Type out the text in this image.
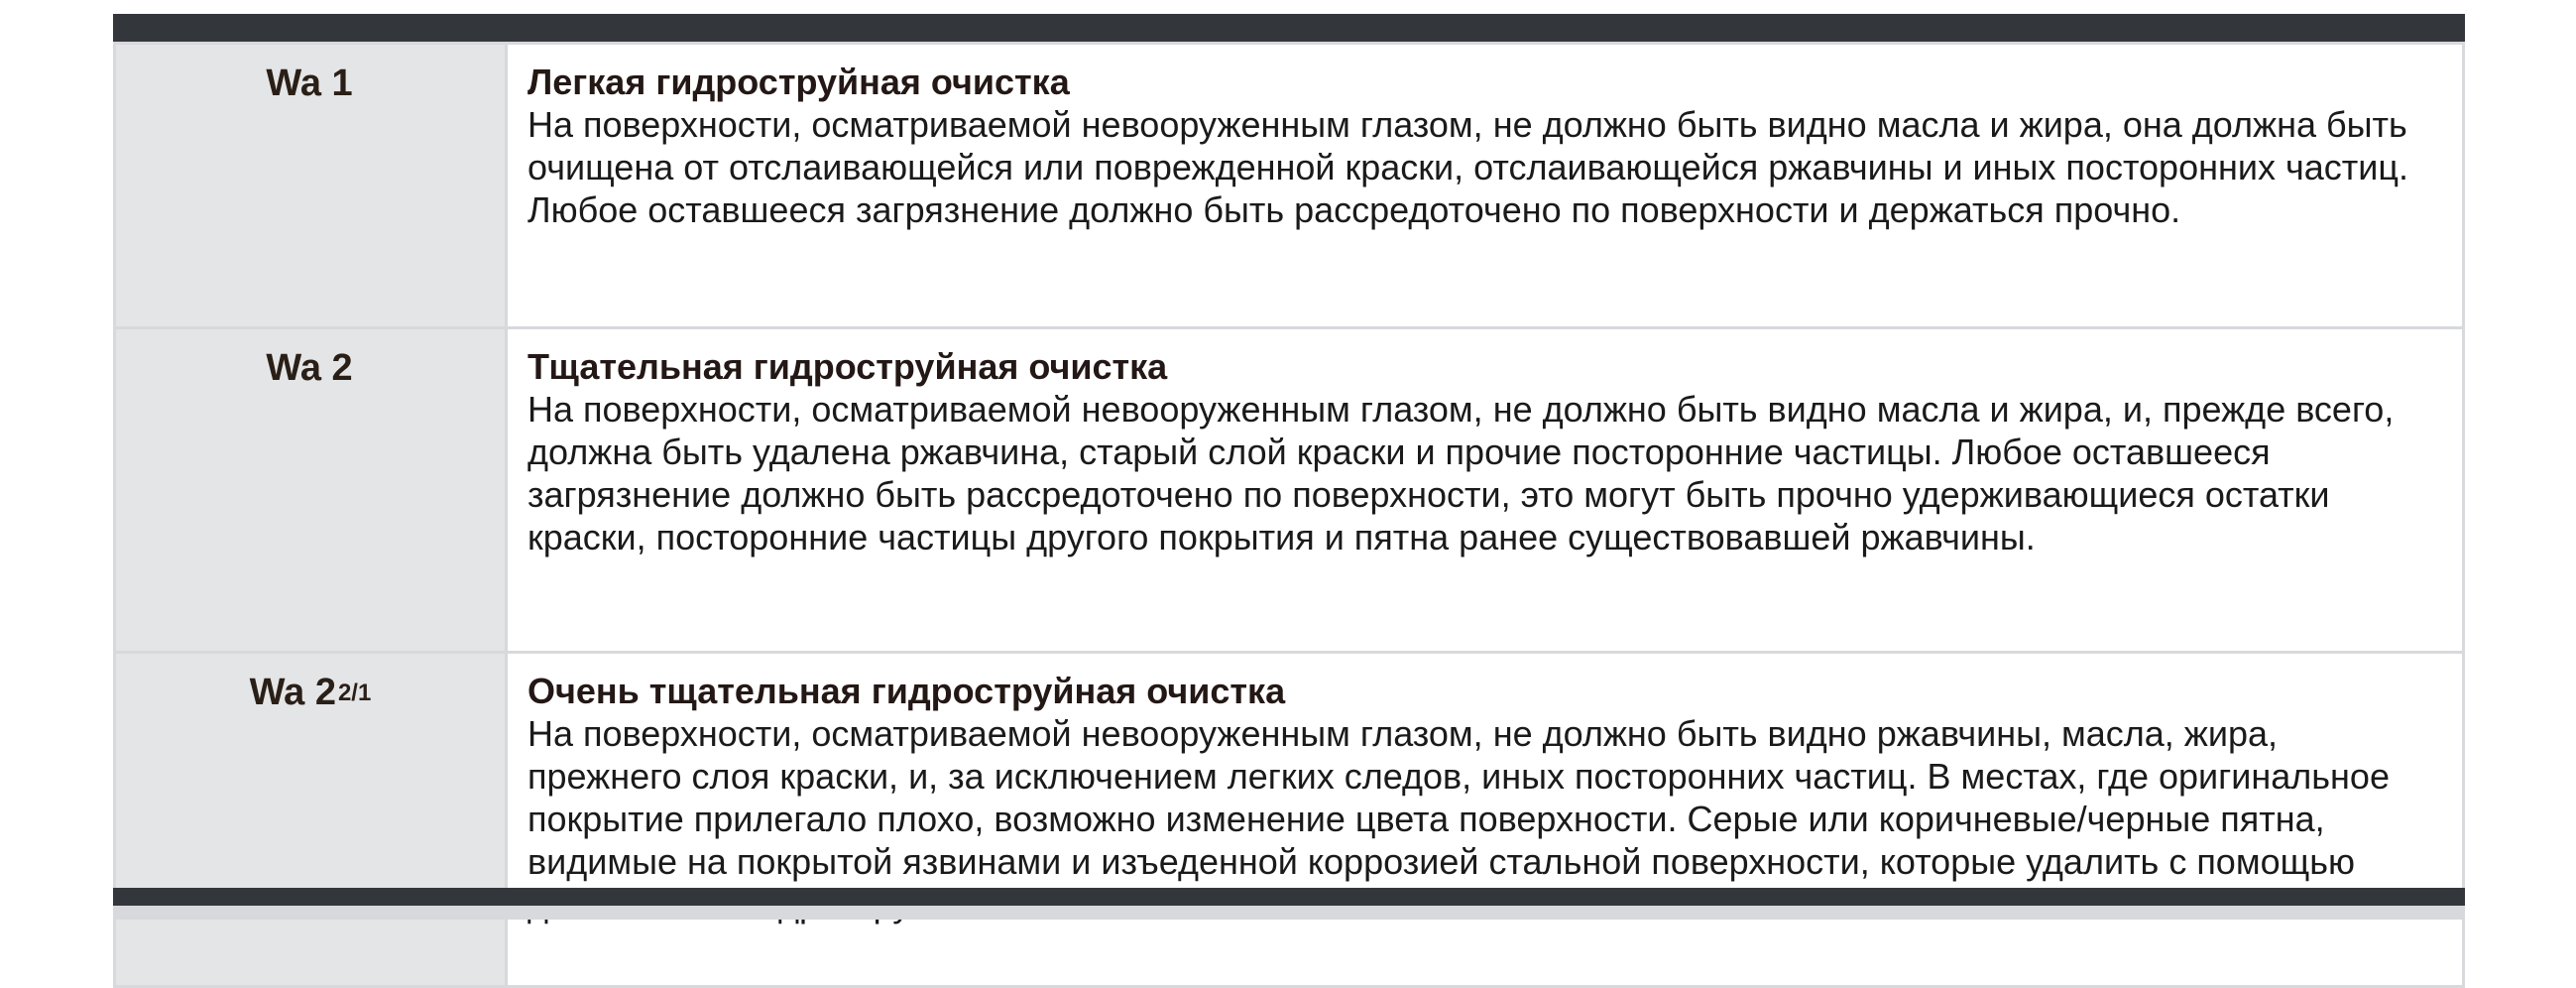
Wa 1	Легкая гидроструйная очистка
На поверхности, осматриваемой невооруженным глазом, не должно быть видно масла и жира, она должна быть очищена от отслаивающейся или поврежденной краски, отслаивающейся ржавчины и иных посторонних частиц. Любое оставшееся загрязнение должно быть рассредоточено по поверхности и держаться прочно.

Wa 2	Тщательная гидроструйная очистка
На поверхности, осматриваемой невооруженным глазом, не должно быть видно масла и жира, и, прежде всего, должна быть удалена ржавчина, старый слой краски и прочие посторонние частицы. Любое оставшееся загрязнение должно быть рассредоточено по поверхности, это могут быть прочно удерживающиеся остатки краски, посторонние частицы другого покрытия и пятна ранее существовавшей ржавчины.

Wa $2^{2/1}$	Очень тщательная гидроструйная очистка
На поверхности, осматриваемой невооруженным глазом, не должно быть видно ржавчины, масла, жира, прежнего слоя краски, и, за исключением легких следов, иных посторонних частиц. В местах, где оригинальное покрытие прилегало плохо, возможно изменение цвета поверхности. Серые или коричневые/черные пятна, видимые на покрытой язвинами и изъеденной коррозией стальной поверхности, которые удалить с помощью
